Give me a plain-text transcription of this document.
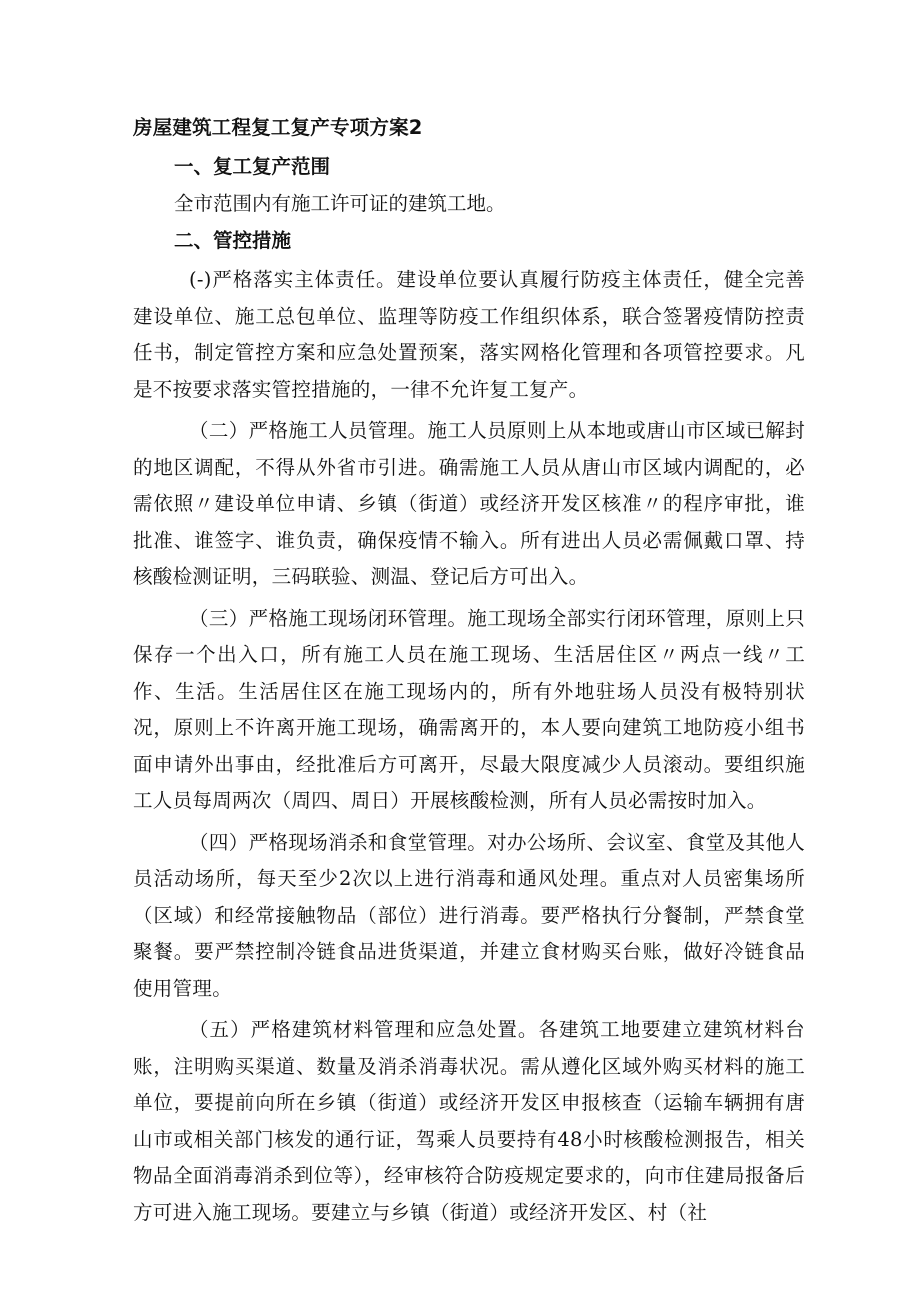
房屋建筑工程复工复产专项方案2
一、复工复产范围
全市范围内有施工许可证的建筑工地。
二、管控措施

(-)严格落实主体责任。建设单位要认真履行防疫主体责任，健全完善建设单位、施工总包单位、监理等防疫工作组织体系，联合签署疫情防控责任书，制定管控方案和应急处置预案，落实网格化管理和各项管控要求。凡是不按要求落实管控措施的，一律不允许复工复产。

（二）严格施工人员管理。施工人员原则上从本地或唐山市区域已解封的地区调配，不得从外省市引进。确需施工人员从唐山市区域内调配的，必需依照〃建设单位申请、乡镇（街道）或经济开发区核准〃的程序审批，谁批准、谁签字、谁负责，确保疫情不输入。所有进出人员必需佩戴口罩、持核酸检测证明，三码联验、测温、登记后方可出入。

（三）严格施工现场闭环管理。施工现场全部实行闭环管理，原则上只保存一个出入口，所有施工人员在施工现场、生活居住区〃两点一线〃工作、生活。生活居住区在施工现场内的，所有外地驻场人员没有极特别状况，原则上不许离开施工现场，确需离开的，本人要向建筑工地防疫小组书面申请外出事由，经批准后方可离开，尽最大限度减少人员滚动。要组织施工人员每周两次（周四、周日）开展核酸检测，所有人员必需按时加入。

（四）严格现场消杀和食堂管理。对办公场所、会议室、食堂及其他人员活动场所，每天至少2次以上进行消毒和通风处理。重点对人员密集场所（区域）和经常接触物品（部位）进行消毒。要严格执行分餐制，严禁食堂聚餐。要严禁控制冷链食品进货渠道，并建立食材购买台账，做好冷链食品使用管理。

（五）严格建筑材料管理和应急处置。各建筑工地要建立建筑材料台账，注明购买渠道、数量及消杀消毒状况。需从遵化区域外购买材料的施工单位，要提前向所在乡镇（街道）或经济开发区申报核查（运输车辆拥有唐山市或相关部门核发的通行证，驾乘人员要持有48小时核酸检测报告，相关物品全面消毒消杀到位等），经审核符合防疫规定要求的，向市住建局报备后方可进入施工现场。要建立与乡镇（街道）或经济开发区、村（社
